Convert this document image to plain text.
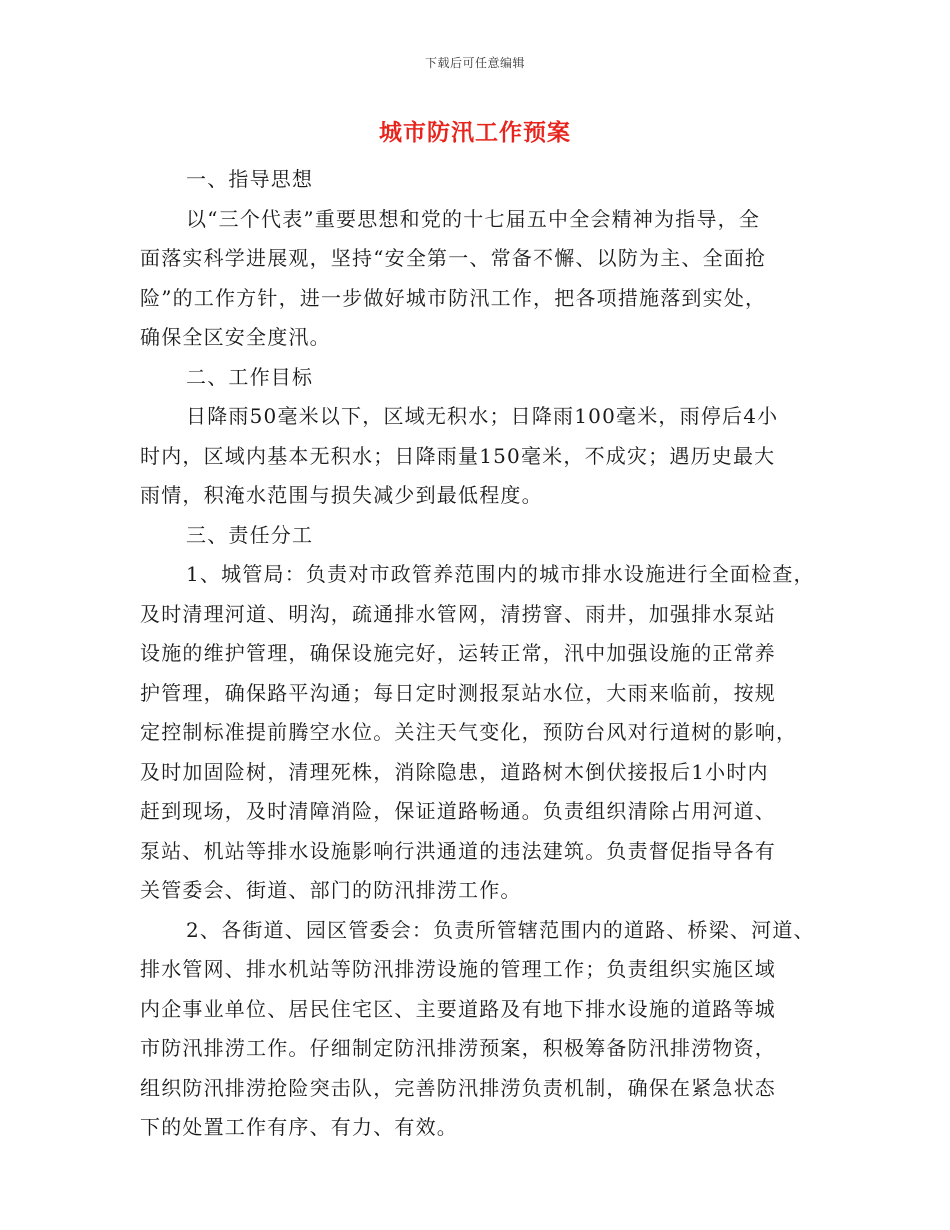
下载后可任意编辑
城市防汛工作预案
一、指导思想
以“三个代表”重要思想和党的十七届五中全会精神为指导，全
面落实科学进展观，坚持“安全第一、常备不懈、以防为主、全面抢
险”的工作方针，进一步做好城市防汛工作，把各项措施落到实处，
确保全区安全度汛。
二、工作目标
日降雨50毫米以下，区域无积水；日降雨100毫米，雨停后4小
时内，区域内基本无积水；日降雨量150毫米，不成灾；遇历史最大
雨情，积淹水范围与损失减少到最低程度。
三、责任分工
1、城管局：负责对市政管养范围内的城市排水设施进行全面检查，
及时清理河道、明沟，疏通排水管网，清捞窨、雨井，加强排水泵站
设施的维护管理，确保设施完好，运转正常，汛中加强设施的正常养
护管理，确保路平沟通；每日定时测报泵站水位，大雨来临前，按规
定控制标准提前腾空水位。关注天气变化，预防台风对行道树的影响，
及时加固险树，清理死株，消除隐患，道路树木倒伏接报后1小时内
赶到现场，及时清障消险，保证道路畅通。负责组织清除占用河道、
泵站、机站等排水设施影响行洪通道的违法建筑。负责督促指导各有
关管委会、街道、部门的防汛排涝工作。
2、各街道、园区管委会：负责所管辖范围内的道路、桥梁、河道、
排水管网、排水机站等防汛排涝设施的管理工作；负责组织实施区域
内企事业单位、居民住宅区、主要道路及有地下排水设施的道路等城
市防汛排涝工作。仔细制定防汛排涝预案，积极筹备防汛排涝物资，
组织防汛排涝抢险突击队，完善防汛排涝负责机制，确保在紧急状态
下的处置工作有序、有力、有效。
